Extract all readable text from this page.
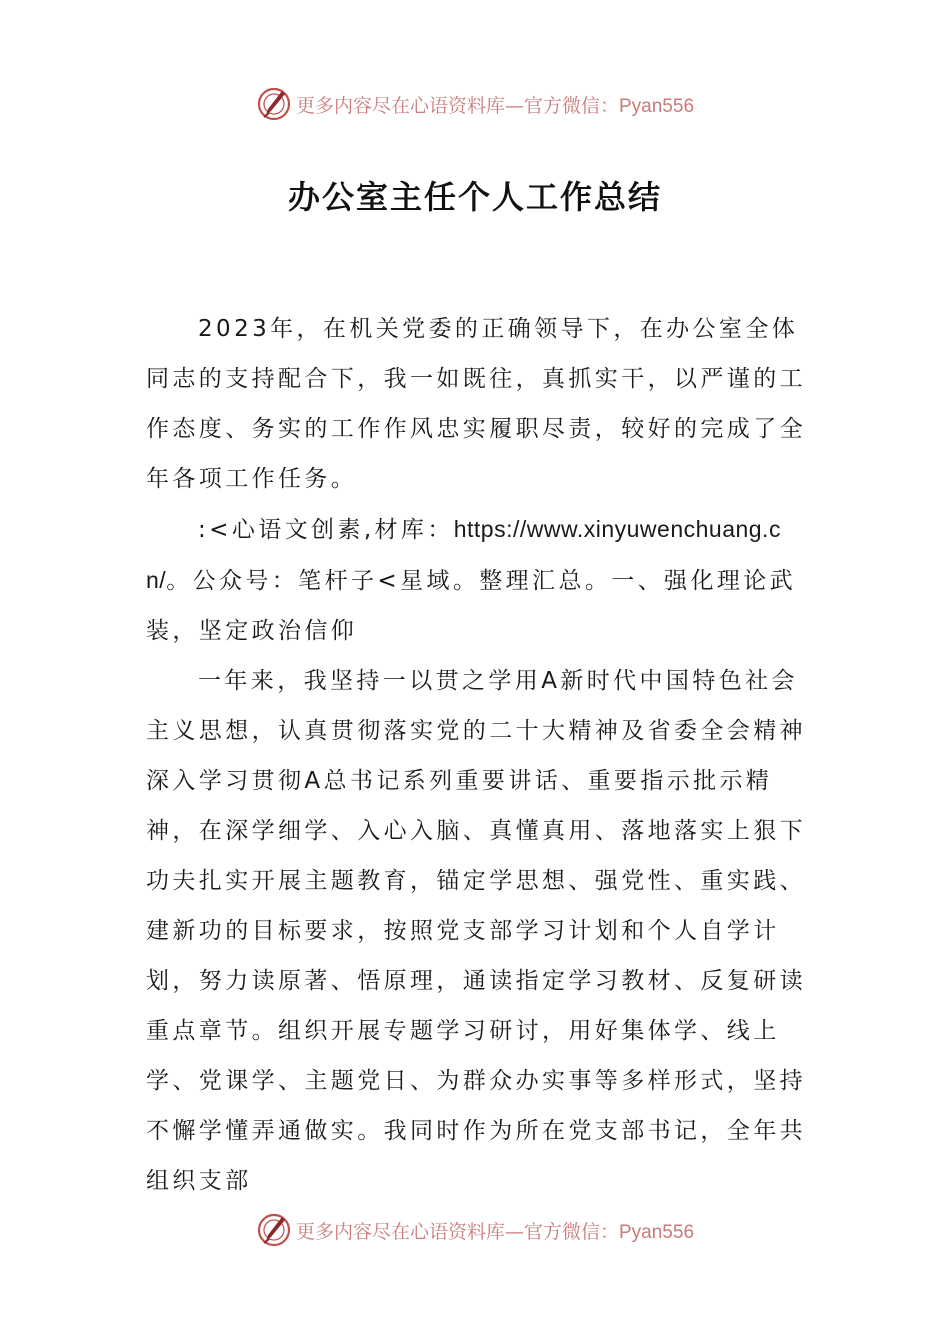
更多内容尽在心语资料库—官方微信：Pyan556
办公室主任个人工作总结

2023年，在机关党委的正确领导下，在办公室全体同志的支持配合下，我一如既往，真抓实干，以严谨的工作态度、务实的工作作风忠实履职尽责，较好的完成了全年各项工作任务。

:<心语文创素,材库：https://www.xinyuwenchuang.cn/。公众号：笔杆子<星域。整理汇总。一、强化理论武装，坚定政治信仰

一年来，我坚持一以贯之学用A新时代中国特色社会主义思想，认真贯彻落实党的二十大精神及省委全会精神深入学习贯彻A总书记系列重要讲话、重要指示批示精神，在深学细学、入心入脑、真懂真用、落地落实上狠下功夫扎实开展主题教育，锚定学思想、强党性、重实践、建新功的目标要求，按照党支部学习计划和个人自学计划，努力读原著、悟原理，通读指定学习教材、反复研读重点章节。组织开展专题学习研讨，用好集体学、线上学、党课学、主题党日、为群众办实事等多样形式，坚持不懈学懂弄通做实。我同时作为所在党支部书记，全年共组织支部

更多内容尽在心语资料库—官方微信：Pyan556
